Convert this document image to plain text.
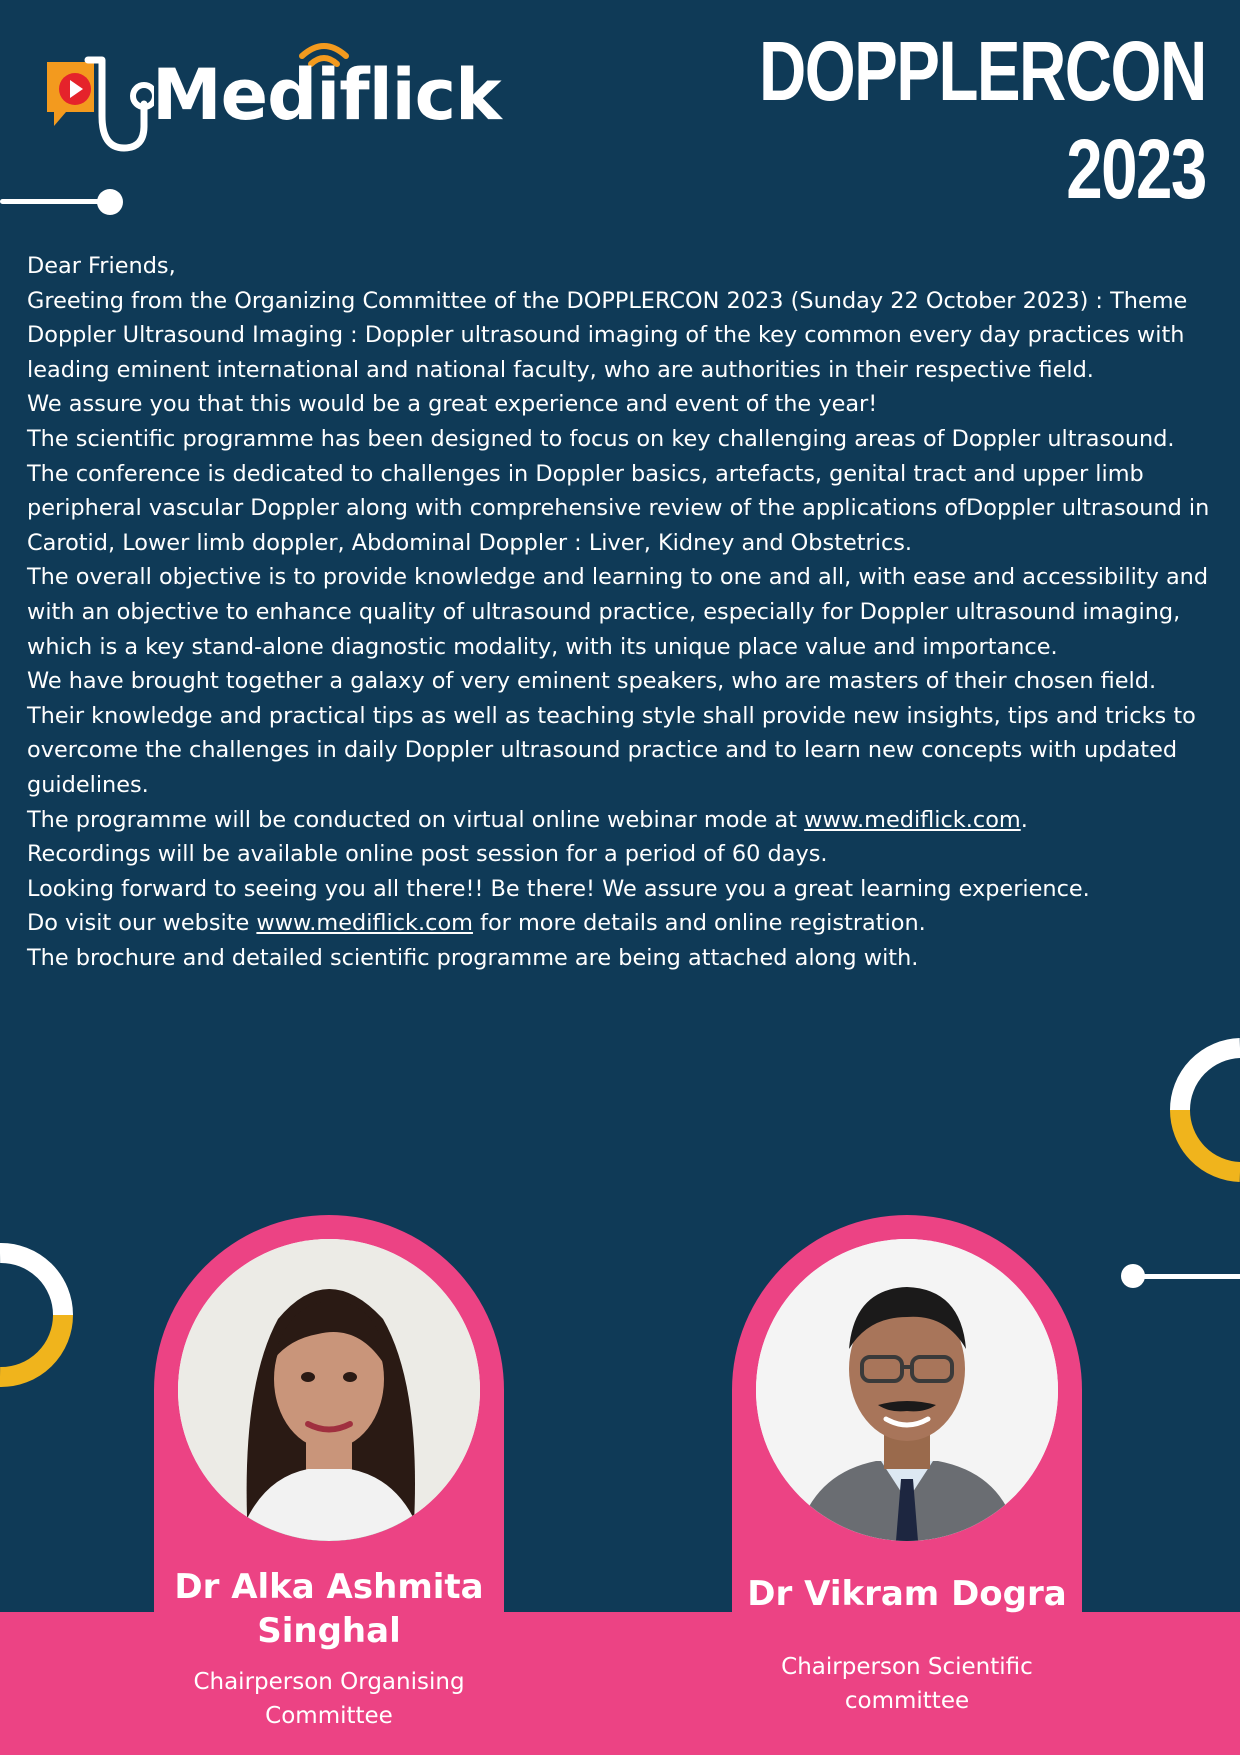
Mediflick	DOPPLERCON
2023

Dear Friends,

Greeting from the Organizing Committee of the DOPPLERCON 2023 (Sunday 22 October 2023) : Theme Doppler Ultrasound Imaging : Doppler ultrasound imaging of the key common every day practices with leading eminent international and national faculty, who are authorities in their respective field.

We assure you that this would be a great experience and event of the year!

The scientific programme has been designed to focus on key challenging areas of Doppler ultrasound.

The conference is dedicated to challenges in Doppler basics, artefacts, genital tract and upper limb peripheral vascular Doppler along with comprehensive review of the applications ofDoppler ultrasound in Carotid, Lower limb doppler, Abdominal Doppler : Liver, Kidney and Obstetrics.

The overall objective is to provide knowledge and learning to one and all, with ease and accessibility and with an objective to enhance quality of ultrasound practice, especially for Doppler ultrasound imaging, which is a key stand-alone diagnostic modality, with its unique place value and importance.

We have brought together a galaxy of very eminent speakers, who are masters of their chosen field. Their knowledge and practical tips as well as teaching style shall provide new insights, tips and tricks to overcome the challenges in daily Doppler ultrasound practice and to learn new concepts with updated guidelines.

The programme will be conducted on virtual online webinar mode at www.mediflick.com.

Recordings will be available online post session for a period of 60 days.

Looking forward to seeing you all there!! Be there! We assure you a great learning experience.

Do visit our website www.mediflick.com for more details and online registration.

The brochure and detailed scientific programme are being attached along with.

Dr Alka Ashmita
Singhal
Chairperson Organising
Committee
Dr Vikram Dogra
Chairperson Scientific
committee
